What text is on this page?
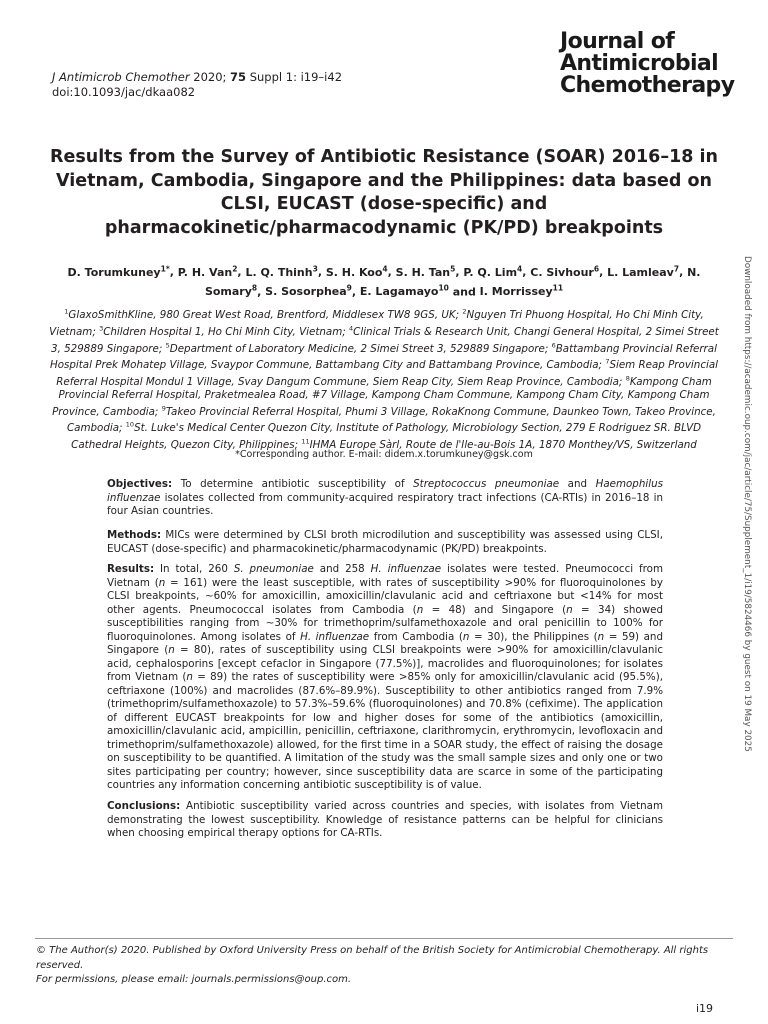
J Antimicrob Chemother 2020; 75 Suppl 1: i19–i42
doi:10.1093/jac/dkaa082
Journal of
Antimicrobial
Chemotherapy
Results from the Survey of Antibiotic Resistance (SOAR) 2016–18 in Vietnam, Cambodia, Singapore and the Philippines: data based on CLSI, EUCAST (dose-specific) and pharmacokinetic/pharmacodynamic (PK/PD) breakpoints
D. Torumkuney$^{1*}$, P. H. Van$^2$, L. Q. Thinh$^3$, S. H. Koo$^4$, S. H. Tan$^5$, P. Q. Lim$^4$, C. Sivhour$^6$, L. Lamleav$^7$, N. Somary$^8$, S. Sosorphea$^9$, E. Lagamayo$^{10}$ and I. Morrissey$^{11}$
$^1$GlaxoSmithKline, 980 Great West Road, Brentford, Middlesex TW8 9GS, UK; $^2$Nguyen Tri Phuong Hospital, Ho Chi Minh City, Vietnam; $^3$Children Hospital 1, Ho Chi Minh City, Vietnam; $^4$Clinical Trials & Research Unit, Changi General Hospital, 2 Simei Street 3, 529889 Singapore; $^5$Department of Laboratory Medicine, 2 Simei Street 3, 529889 Singapore; $^6$Battambang Provincial Referral Hospital Prek Mohatep Village, Svaypor Commune, Battambang City and Battambang Province, Cambodia; $^7$Siem Reap Provincial Referral Hospital Mondul 1 Village, Svay Dangum Commune, Siem Reap City, Siem Reap Province, Cambodia; $^8$Kampong Cham Provincial Referral Hospital, Praketmealea Road, #7 Village, Kampong Cham Commune, Kampong Cham City, Kampong Cham Province, Cambodia; $^9$Takeo Provincial Referral Hospital, Phumi 3 Village, RokaKnong Commune, Daunkeo Town, Takeo Province, Cambodia; $^{10}$St. Luke's Medical Center Quezon City, Institute of Pathology, Microbiology Section, 279 E Rodriguez SR. BLVD Cathedral Heights, Quezon City, Philippines; $^{11}$IHMA Europe Sàrl, Route de l'Ile-au-Bois 1A, 1870 Monthey/VS, Switzerland
*Corresponding author. E-mail: didem.x.torumkuney@gsk.com
Objectives: To determine antibiotic susceptibility of Streptococcus pneumoniae and Haemophilus influenzae isolates collected from community-acquired respiratory tract infections (CA-RTIs) in 2016–18 in four Asian countries.
Methods: MICs were determined by CLSI broth microdilution and susceptibility was assessed using CLSI, EUCAST (dose-specific) and pharmacokinetic/pharmacodynamic (PK/PD) breakpoints.
Results: In total, 260 S. pneumoniae and 258 H. influenzae isolates were tested. Pneumococci from Vietnam (n = 161) were the least susceptible, with rates of susceptibility >90% for fluoroquinolones by CLSI breakpoints, ∼60% for amoxicillin, amoxicillin/clavulanic acid and ceftriaxone but <14% for most other agents. Pneumococcal isolates from Cambodia (n = 48) and Singapore (n = 34) showed susceptibilities ranging from ∼30% for trimethoprim/sulfamethoxazole and oral penicillin to 100% for fluoroquinolones. Among isolates of H. influenzae from Cambodia (n = 30), the Philippines (n = 59) and Singapore (n = 80), rates of susceptibility using CLSI breakpoints were >90% for amoxicillin/clavulanic acid, cephalosporins [except cefaclor in Singapore (77.5%)], macrolides and fluoroquinolones; for isolates from Vietnam (n = 89) the rates of susceptibility were >85% only for amoxicillin/clavulanic acid (95.5%), ceftriaxone (100%) and macrolides (87.6%–89.9%). Susceptibility to other antibiotics ranged from 7.9% (trimethoprim/sulfamethoxazole) to 57.3%–59.6% (fluoroquinolones) and 70.8% (cefixime). The application of different EUCAST breakpoints for low and higher doses for some of the antibiotics (amoxicillin, amoxicillin/clavulanic acid, ampicillin, penicillin, ceftriaxone, clarithromycin, erythromycin, levofloxacin and trimethoprim/sulfamethoxazole) allowed, for the first time in a SOAR study, the effect of raising the dosage on susceptibility to be quantified. A limitation of the study was the small sample sizes and only one or two sites participating per country; however, since susceptibility data are scarce in some of the participating countries any information concerning antibiotic susceptibility is of value.
Conclusions: Antibiotic susceptibility varied across countries and species, with isolates from Vietnam demonstrating the lowest susceptibility. Knowledge of resistance patterns can be helpful for clinicians when choosing empirical therapy options for CA-RTIs.
Downloaded from https://academic.oup.com/jac/article/75/Supplement_1/i19/5824466 by guest on 19 May 2025
© The Author(s) 2020. Published by Oxford University Press on behalf of the British Society for Antimicrobial Chemotherapy. All rights reserved.
For permissions, please email: journals.permissions@oup.com.
i19
